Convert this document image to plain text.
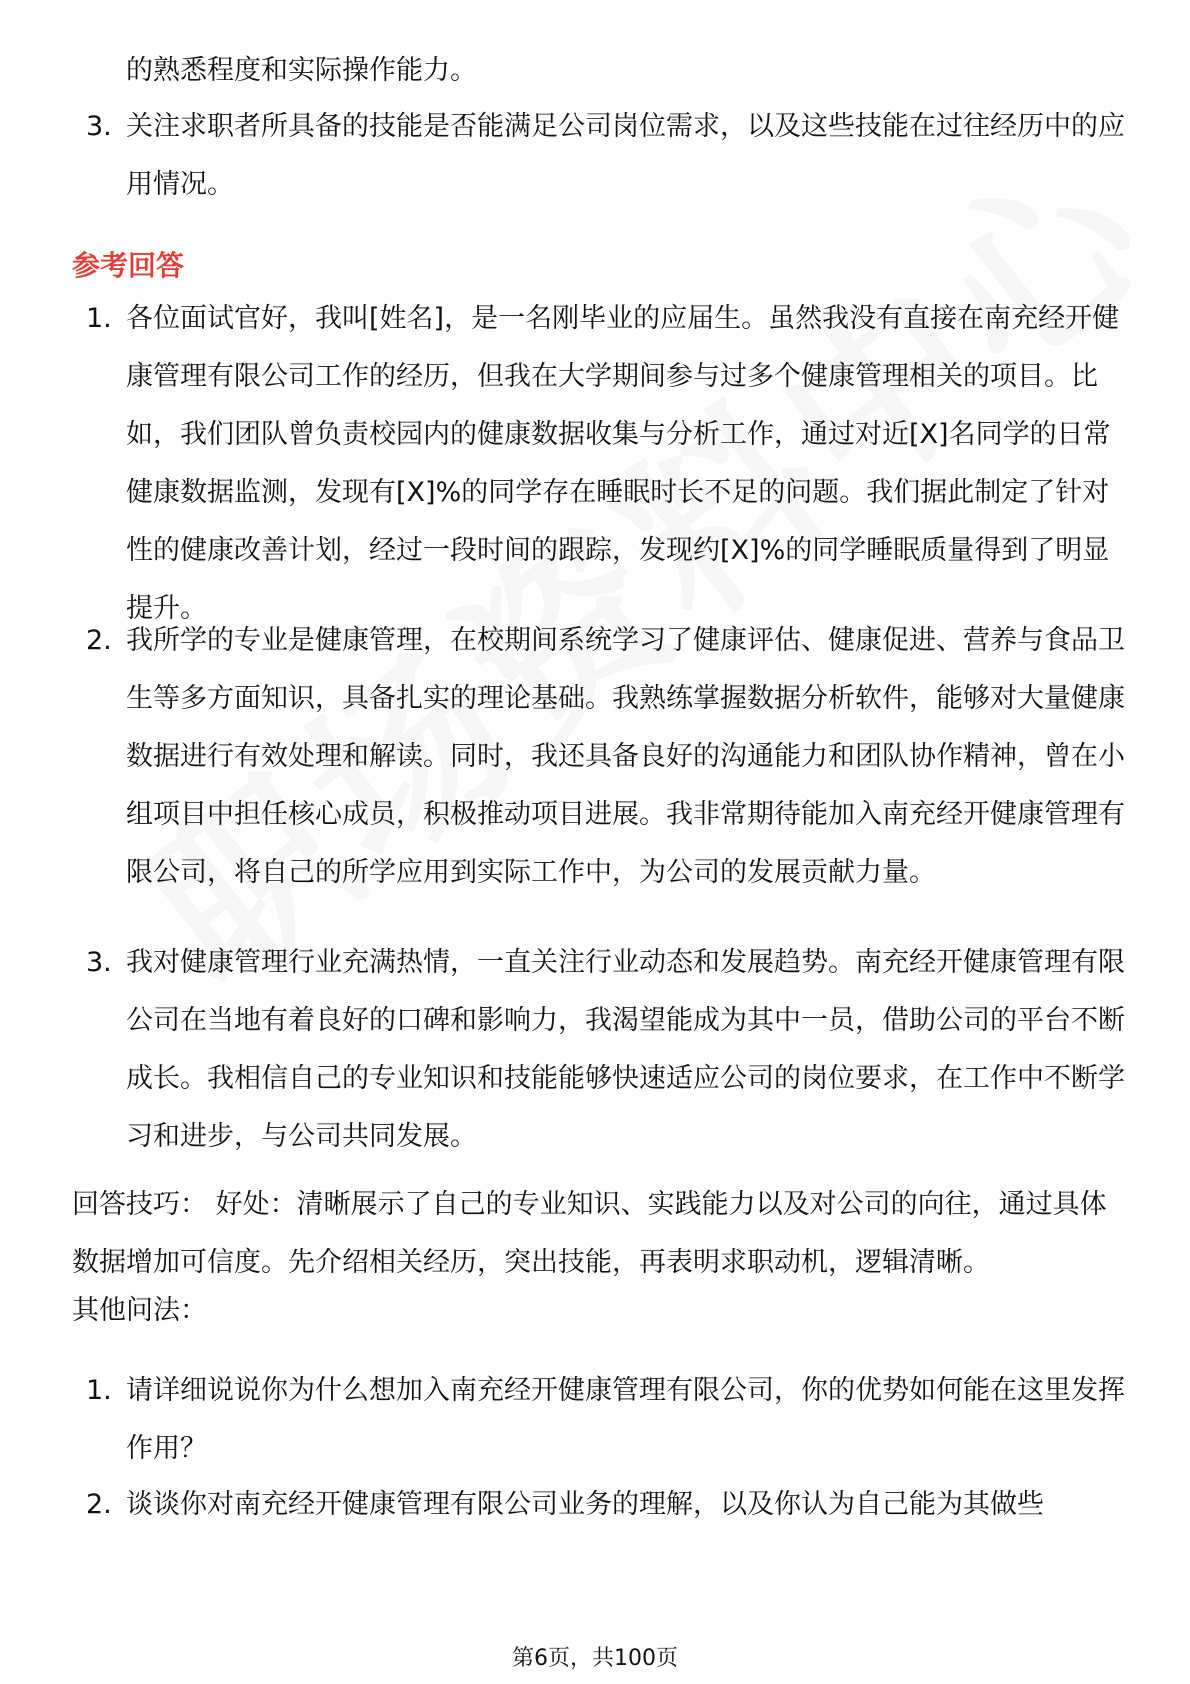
的熟悉程度和实际操作能力。
3. 关注求职者所具备的技能是否能满足公司岗位需求，以及这些技能在过往经历中的应用情况。
参考回答
1. 各位面试官好，我叫[姓名]，是一名刚毕业的应届生。虽然我没有直接在南充经开健康管理有限公司工作的经历，但我在大学期间参与过多个健康管理相关的项目。比如，我们团队曾负责校园内的健康数据收集与分析工作，通过对近[X]名同学的日常健康数据监测，发现有[X]%的同学存在睡眠时长不足的问题。我们据此制定了针对性的健康改善计划，经过一段时间的跟踪，发现约[X]%的同学睡眠质量得到了明显提升。
2. 我所学的专业是健康管理，在校期间系统学习了健康评估、健康促进、营养与食品卫生等多方面知识，具备扎实的理论基础。我熟练掌握数据分析软件，能够对大量健康数据进行有效处理和解读。同时，我还具备良好的沟通能力和团队协作精神，曾在小组项目中担任核心成员，积极推动项目进展。我非常期待能加入南充经开健康管理有限公司，将自己的所学应用到实际工作中，为公司的发展贡献力量。
3. 我对健康管理行业充满热情，一直关注行业动态和发展趋势。南充经开健康管理有限公司在当地有着良好的口碑和影响力，我渴望能成为其中一员，借助公司的平台不断成长。我相信自己的专业知识和技能能够快速适应公司的岗位要求，在工作中不断学习和进步，与公司共同发展。
回答技巧： 好处：清晰展示了自己的专业知识、实践能力以及对公司的向往，通过具体数据增加可信度。先介绍相关经历，突出技能，再表明求职动机，逻辑清晰。
其他问法：
1. 请详细说说你为什么想加入南充经开健康管理有限公司，你的优势如何能在这里发挥作用？
2. 谈谈你对南充经开健康管理有限公司业务的理解，以及你认为自己能为其做些
第6页，共100页
